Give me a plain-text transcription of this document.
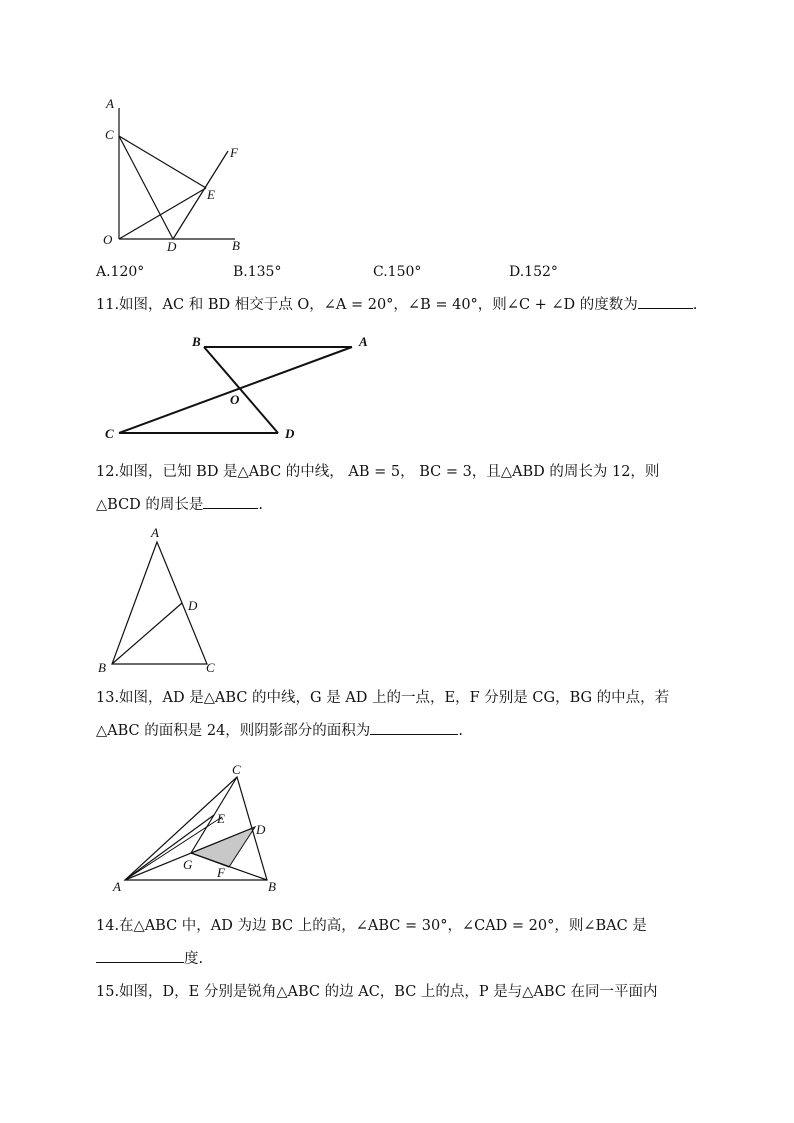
A
C
F
E
O	D	B
A.120°	B.135°	C.150°	D.152°
11.如图，AC 和 BD 相交于点 O，∠A = 20°，∠B = 40°，则∠C + ∠D 的度数为	.
B	A
O
C	D
12.如图，已知 BD 是△ABC 的中线， AB = 5， BC = 3，且△ABD 的周长为 12，则
△BCD 的周长是	.
A
D
B	C
13.如图，AD 是△ABC 的中线，G 是 AD 上的一点，E，F 分别是 CG，BG 的中点，若
△ABC 的面积是 24，则阴影部分的面积为	.
C
D
E
G
F
A	B
14.在△ABC 中，AD 为边 BC 上的高，∠ABC = 30°，∠CAD = 20°，则∠BAC 是
度.
15.如图，D，E 分别是锐角△ABC 的边 AC，BC 上的点，P 是与△ABC 在同一平面内
